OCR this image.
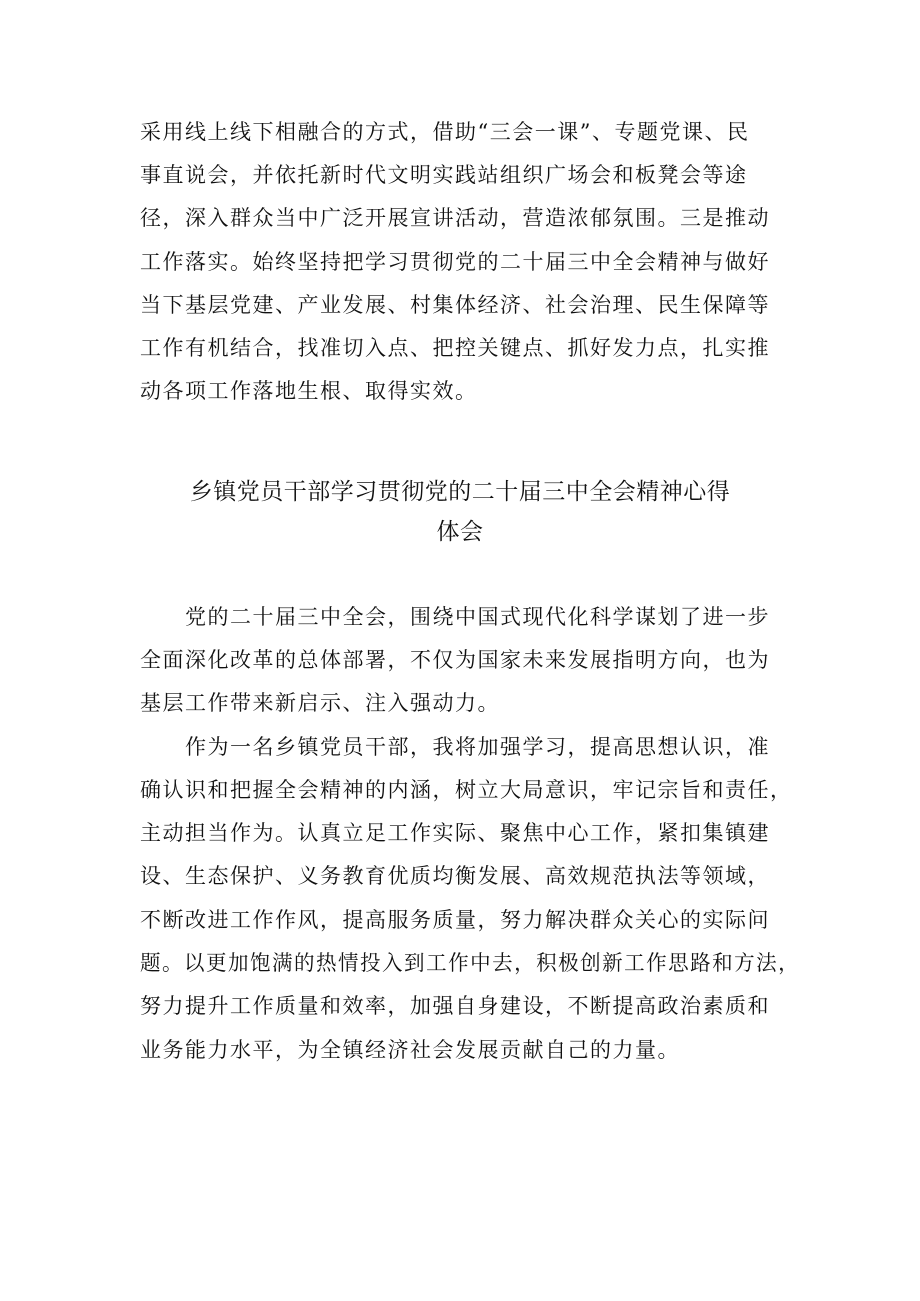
采用线上线下相融合的方式，借助“三会一课”、专题党课、民
事直说会，并依托新时代文明实践站组织广场会和板凳会等途
径，深入群众当中广泛开展宣讲活动，营造浓郁氛围。三是推动
工作落实。始终坚持把学习贯彻党的二十届三中全会精神与做好
当下基层党建、产业发展、村集体经济、社会治理、民生保障等
工作有机结合，找准切入点、把控关键点、抓好发力点，扎实推
动各项工作落地生根、取得实效。
乡镇党员干部学习贯彻党的二十届三中全会精神心得
体会
党的二十届三中全会，围绕中国式现代化科学谋划了进一步
全面深化改革的总体部署，不仅为国家未来发展指明方向，也为
基层工作带来新启示、注入强动力。
作为一名乡镇党员干部，我将加强学习，提高思想认识，准
确认识和把握全会精神的内涵，树立大局意识，牢记宗旨和责任，
主动担当作为。认真立足工作实际、聚焦中心工作，紧扣集镇建
设、生态保护、义务教育优质均衡发展、高效规范执法等领域，
不断改进工作作风，提高服务质量，努力解决群众关心的实际问
题。以更加饱满的热情投入到工作中去，积极创新工作思路和方法，
努力提升工作质量和效率，加强自身建设，不断提高政治素质和
业务能力水平，为全镇经济社会发展贡献自己的力量。
